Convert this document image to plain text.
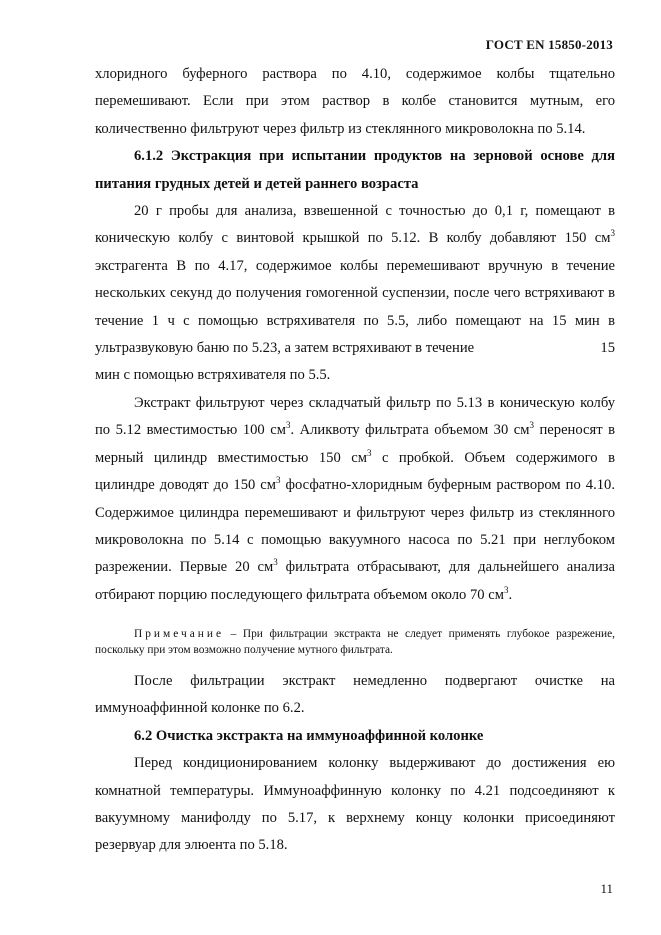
ГОСТ EN 15850-2013

хлоридного буферного раствора по 4.10, содержимое колбы тщательно перемешивают. Если при этом раствор в колбе становится мутным, его количественно фильтруют через фильтр из стеклянного микроволокна по 5.14.

6.1.2 Экстракция при испытании продуктов на зерновой основе для питания грудных детей и детей раннего возраста

20 г пробы для анализа, взвешенной с точностью до 0,1 г, помещают в коническую колбу с винтовой крышкой по 5.12. В колбу добавляют 150 $см^3$ экстрагента В по 4.17, содержимое колбы перемешивают вручную в течение нескольких секунд до получения гомогенной суспензии, после чего встряхивают в течение 1 ч с помощью встряхивателя по 5.5, либо помещают на 15 мин в ультразвуковую баню по 5.23, а затем встряхивают в течение	15

мин с помощью встряхивателя по 5.5.

Экстракт фильтруют через складчатый фильтр по 5.13 в коническую колбу по 5.12 вместимостью 100 $см^3$. Аликвоту фильтрата объемом 30 $см^3$ переносят в мерный цилиндр вместимостью 150 $см^3$ с пробкой. Объем содержимого в цилиндре доводят до 150 $см^3$ фосфатно-хлоридным буферным раствором по 4.10. Содержимое цилиндра перемешивают и фильтруют через фильтр из стеклянного микроволокна по 5.14 с помощью вакуумного насоса по 5.21 при неглубоком разрежении. Первые 20 $см^3$ фильтрата отбрасывают, для дальнейшего анализа отбирают порцию последующего фильтрата объемом около 70 $см^3$.

Примечание – При фильтрации экстракта не следует применять глубокое разрежение, поскольку при этом возможно получение мутного фильтрата.

После фильтрации экстракт немедленно подвергают очистке на иммуноаффинной колонке по 6.2.

6.2 Очистка экстракта на иммуноаффинной колонке

Перед кондиционированием колонку выдерживают до достижения ею комнатной температуры. Иммуноаффинную колонку по 4.21 подсоединяют к вакуумному манифолду по 5.17, к верхнему концу колонки присоединяют резервуар для элюента по 5.18.

11
